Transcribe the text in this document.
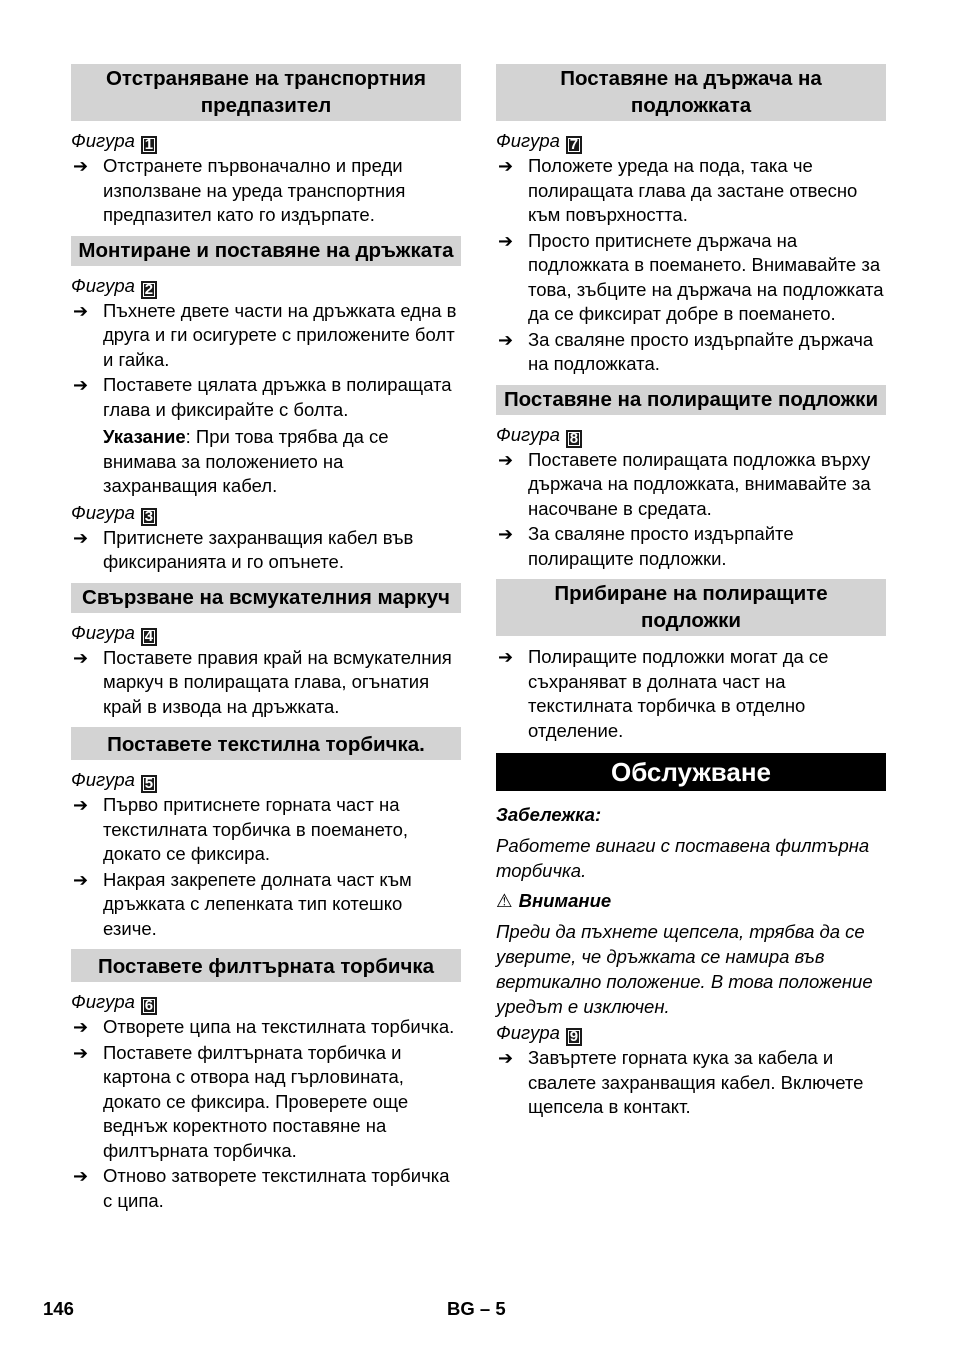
Отстраняване на транспортния предпазител
Фигура 1
➔ Отстранете първоначално и преди използване на уреда транспортния предпазител като го издърпате.
Монтиране и поставяне на дръжката
Фигура 2
➔ Пъхнете двете части на дръжката една в друга и ги осигурете с приложените болт и гайка.
➔ Поставете цялата дръжка в полиращата глава и фиксирайте с болта.
Указание: При това трябва да се внимава за положението на захранващия кабел.
Фигура 3
➔ Притиснете захранващия кабел във фиксиранията и го опънете.
Свързване на всмукателния маркуч
Фигура 4
➔ Поставете правия край на всмукателния маркуч в полиращата глава, огънатия край в извода на дръжката.
Поставете текстилна торбичка.
Фигура 5
➔ Първо притиснете горната част на текстилната торбичка в поемането, докато се фиксира.
➔ Накрая закрепете долната част към дръжката с лепенката тип котешко езиче.
Поставете филтърната торбичка
Фигура 6
➔ Отворете ципа на текстилната торбичка.
➔ Поставете филтърната торбичка и картона с отвора над гърловината, докато се фиксира. Проверете още веднъж коректното поставяне на филтърната торбичка.
➔ Отново затворете текстилната торбичка с ципа.
Поставяне на държача на подложката
Фигура 7
➔ Положете уреда на пода, така че полиращата глава да застане отвесно към повърхността.
➔ Просто притиснете държача на подложката в поемането. Внимавайте за това, зъбците на държача на подложката да се фиксират добре в поемането.
➔ За сваляне просто издърпайте държача на подложката.
Поставяне на полиращите подложки
Фигура 8
➔ Поставете полиращата подложка върху държача на подложката, внимавайте за насочване в средата.
➔ За сваляне просто издърпайте полиращите подложки.
Прибиране на полиращите подложки
➔ Полиращите подложки могат да се съхраняват в долната част на текстилната торбичка в отделно отделение.
Обслужване
Забележка:
Работете винаги с поставена филтърна торбичка.
⚠ Внимание
Преди да пъхнете щепсела, трябва да се уверите, че дръжката се намира във вертикално положение. В това положение уредът е изключен.
Фигура 9
➔ Завъртете горната кука за кабела и свалете захранващия кабел. Включете щепсела в контакт.
146	BG – 5
